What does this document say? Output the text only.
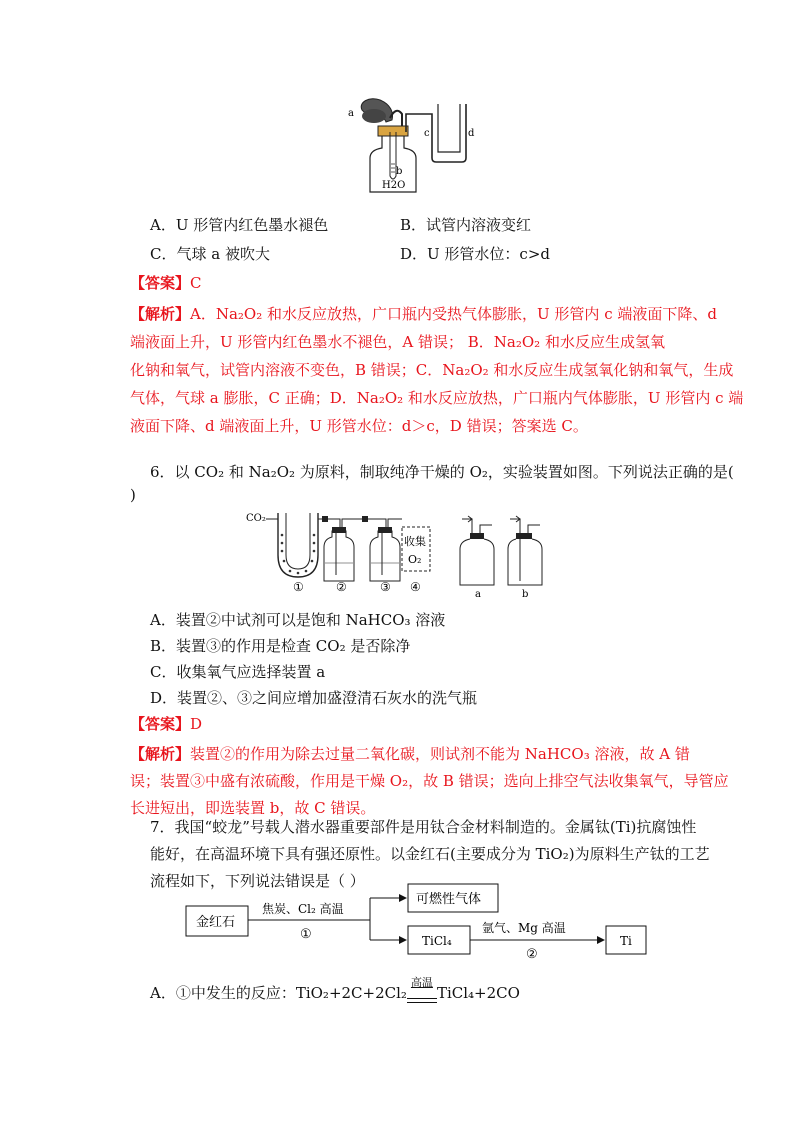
a
b
c	d
H2O
A．U 形管内红色墨水褪色	B．试管内溶液变红
C．气球 a 被吹大	D．U 形管水位：c>d
【答案】C
【解析】A．Na₂O₂ 和水反应放热，广口瓶内受热气体膨胀，U 形管内 c 端液面下降、d
端液面上升，U 形管内红色墨水不褪色，A 错误； B．Na₂O₂ 和水反应生成氢氧
化钠和氧气，试管内溶液不变色，B 错误；C．Na₂O₂ 和水反应生成氢氧化钠和氧气，生成
气体，气球 a 膨胀，C 正确；D．Na₂O₂ 和水反应放热，广口瓶内气体膨胀，U 形管内 c 端
液面下降、d 端液面上升，U 形管水位：d＞c，D 错误；答案选 C。
6．以 CO₂ 和 Na₂O₂ 为原料，制取纯净干燥的 O₂，实验装置如图。下列说法正确的是(
)
CO₂
收集
O₂
①	②	③ ④
a	b
A．装置②中试剂可以是饱和 NaHCO₃ 溶液
B．装置③的作用是检查 CO₂ 是否除净
C．收集氧气应选择装置 a
D．装置②、③之间应增加盛澄清石灰水的洗气瓶
【答案】D
【解析】装置②的作用为除去过量二氧化碳，则试剂不能为 NaHCO₃ 溶液，故 A 错
误；装置③中盛有浓硫酸，作用是干燥 O₂，故 B 错误；选向上排空气法收集氧气，导管应
长进短出，即选装置 b，故 C 错误。
7．我国“蛟龙”号载人潜水器重要部件是用钛合金材料制造的。金属钛(Ti)抗腐蚀性
能好，在高温环境下具有强还原性。以金红石(主要成分为 TiO₂)为原料生产钛的工艺
流程如下，下列说法错误是（ ）
金红石
焦炭、Cl₂ 高温
①
可燃性气体
TiCl₄
氩气、Mg 高温
②
Ti
A．①中发生的反应：TiO₂+2C+2Cl₂
高温
TiCl₄+2CO
